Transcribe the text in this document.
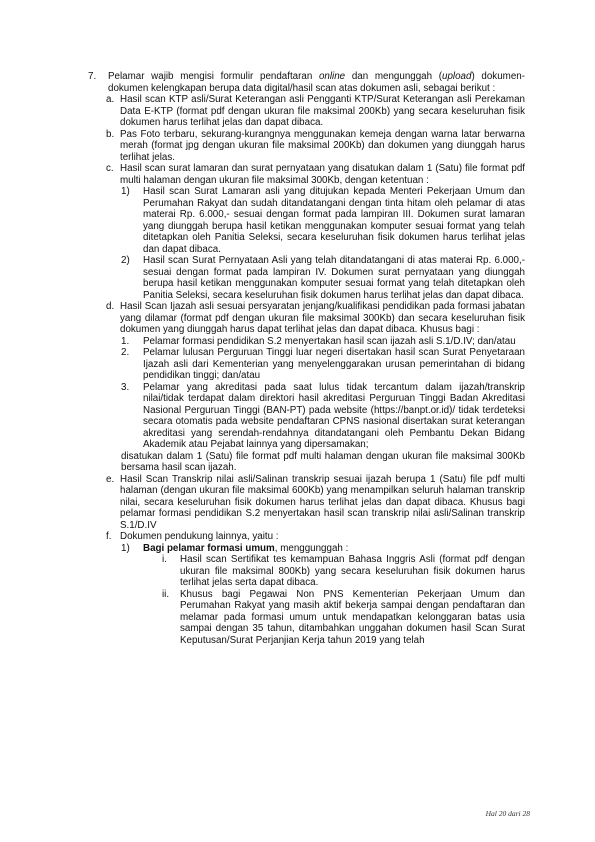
7. Pelamar wajib mengisi formulir pendaftaran online dan mengunggah (upload) dokumen-dokumen kelengkapan berupa data digital/hasil scan atas dokumen asli, sebagai berikut :

a. Hasil scan KTP asli/Surat Keterangan asli Pengganti KTP/Surat Keterangan asli Perekaman Data E-KTP (format pdf dengan ukuran file maksimal 200Kb) yang secara keseluruhan fisik dokumen harus terlihat jelas dan dapat dibaca.

b. Pas Foto terbaru, sekurang-kurangnya menggunakan kemeja dengan warna latar berwarna merah (format jpg dengan ukuran file maksimal 200Kb) dan dokumen yang diunggah harus terlihat jelas.

c. Hasil scan surat lamaran dan surat pernyataan yang disatukan dalam 1 (Satu) file format pdf multi halaman dengan ukuran file maksimal 300Kb, dengan ketentuan :

1) Hasil scan Surat Lamaran asli yang ditujukan kepada Menteri Pekerjaan Umum dan Perumahan Rakyat dan sudah ditandatangani dengan tinta hitam oleh pelamar di atas materai Rp. 6.000,- sesuai dengan format pada lampiran III. Dokumen surat lamaran yang diunggah berupa hasil ketikan menggunakan komputer sesuai format yang telah ditetapkan oleh Panitia Seleksi, secara keseluruhan fisik dokumen harus terlihat jelas dan dapat dibaca.

2) Hasil scan Surat Pernyataan Asli yang telah ditandatangani di atas materai Rp. 6.000,- sesuai dengan format pada lampiran IV. Dokumen surat pernyataan yang diunggah berupa hasil ketikan menggunakan komputer sesuai format yang telah ditetapkan oleh Panitia Seleksi, secara keseluruhan fisik dokumen harus terlihat jelas dan dapat dibaca.

d. Hasil Scan Ijazah asli sesuai persyaratan jenjang/kualifikasi pendidikan pada formasi jabatan yang dilamar (format pdf dengan ukuran file maksimal 300Kb) dan secara keseluruhan fisik dokumen yang diunggah harus dapat terlihat jelas dan dapat dibaca. Khusus bagi :

1. Pelamar formasi pendidikan S.2 menyertakan hasil scan ijazah asli S.1/D.IV; dan/atau

2. Pelamar lulusan Perguruan Tinggi luar negeri disertakan hasil scan Surat Penyetaraan Ijazah asli dari Kementerian yang menyelenggarakan urusan pemerintahan di bidang pendidikan tinggi; dan/atau

3. Pelamar yang akreditasi pada saat lulus tidak tercantum dalam ijazah/transkrip nilai/tidak terdapat dalam direktori hasil akreditasi Perguruan Tinggi Badan Akreditasi Nasional Perguruan Tinggi (BAN-PT) pada website (https://banpt.or.id)/ tidak terdeteksi secara otomatis pada website pendaftaran CPNS nasional disertakan surat keterangan akreditasi yang serendah-rendahnya ditandatangani oleh Pembantu Dekan Bidang Akademik atau Pejabat lainnya yang dipersamakan;

disatukan dalam 1 (Satu) file format pdf multi halaman dengan ukuran file maksimal 300Kb bersama hasil scan ijazah.

e. Hasil Scan Transkrip nilai asli/Salinan transkrip sesuai ijazah berupa 1 (Satu) file pdf multi halaman (dengan ukuran file maksimal 600Kb) yang menampilkan seluruh halaman transkrip nilai, secara keseluruhan fisik dokumen harus terlihat jelas dan dapat dibaca. Khusus bagi pelamar formasi pendidikan S.2 menyertakan hasil scan transkrip nilai asli/Salinan transkrip S.1/D.IV

f. Dokumen pendukung lainnya, yaitu :

1) Bagi pelamar formasi umum, menggunggah :

i. Hasil scan Sertifikat tes kemampuan Bahasa Inggris Asli (format pdf dengan ukuran file maksimal 800Kb) yang secara keseluruhan fisik dokumen harus terlihat jelas serta dapat dibaca.

ii. Khusus bagi Pegawai Non PNS Kementerian Pekerjaan Umum dan Perumahan Rakyat yang masih aktif bekerja sampai dengan pendaftaran dan melamar pada formasi umum untuk mendapatkan kelonggaran batas usia sampai dengan 35 tahun, ditambahkan unggahan dokumen hasil Scan Surat Keputusan/Surat Perjanjian Kerja tahun 2019 yang telah

Hal 20 dari 28
